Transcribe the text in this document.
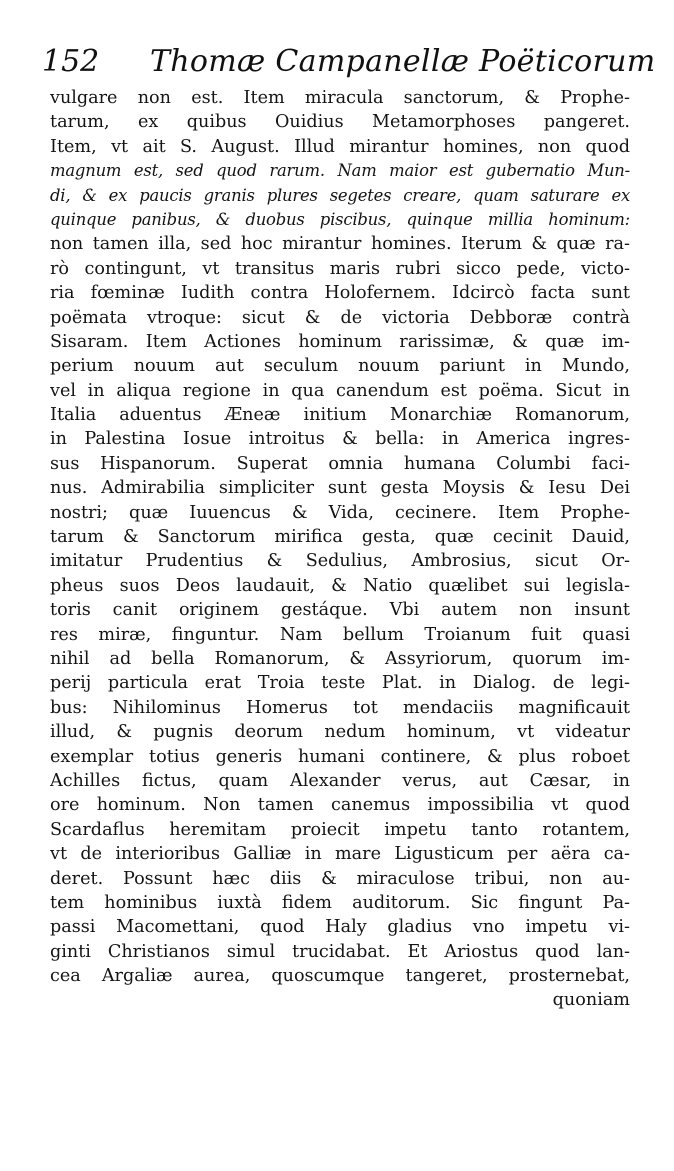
152 Thomæ Campanellæ Poëticorum
vulgare non est. Item miracula sanctorum, & Prophe-
tarum, ex quibus Ouidius Metamorphoses pangeret.
Item, vt ait S. August. Illud mirantur homines, non quod
magnum est, sed quod rarum. Nam maior est gubernatio Mun-
di, & ex paucis granis plures segetes creare, quam saturare ex
quinque panibus, & duobus piscibus, quinque millia hominum:
non tamen illa, sed hoc mirantur homines. Iterum & quæ ra-
rò contingunt, vt transitus maris rubri sicco pede, victo-
ria fœminæ Iudith contra Holofernem. Idcircò facta sunt
poëmata vtroque: sicut & de victoria Debboræ contrà
Sisaram. Item Actiones hominum rarissimæ, & quæ im-
perium nouum aut seculum nouum pariunt in Mundo,
vel in aliqua regione in qua canendum est poëma. Sicut in
Italia aduentus Æneæ initium Monarchiæ Romanorum,
in Palestina Iosue introitus & bella: in America ingres-
sus Hispanorum. Superat omnia humana Columbi faci-
nus. Admirabilia simpliciter sunt gesta Moysis & Iesu Dei
nostri; quæ Iuuencus & Vida, cecinere. Item Prophe-
tarum & Sanctorum mirifica gesta, quæ cecinit Dauid,
imitatur Prudentius & Sedulius, Ambrosius, sicut Or-
pheus suos Deos laudauit, & Natio quælibet sui legisla-
toris canit originem gestáque. Vbi autem non insunt
res miræ, finguntur. Nam bellum Troianum fuit quasi
nihil ad bella Romanorum, & Assyriorum, quorum im-
perij particula erat Troia teste Plat. in Dialog. de legi-
bus: Nihilominus Homerus tot mendaciis magnificauit
illud, & pugnis deorum nedum hominum, vt videatur
exemplar totius generis humani continere, & plus roboet
Achilles fictus, quam Alexander verus, aut Cæsar, in
ore hominum. Non tamen canemus impossibilia vt quod
Scardaflus heremitam proiecit impetu tanto rotantem,
vt de interioribus Galliæ in mare Ligusticum per aëra ca-
deret. Possunt hæc diis & miraculose tribui, non au-
tem hominibus iuxtà fidem auditorum. Sic fingunt Pa-
passi Macomettani, quod Haly gladius vno impetu vi-
ginti Christianos simul trucidabat. Et Ariostus quod lan-
cea Argaliæ aurea, quoscumque tangeret, prosternebat,
quoniam
